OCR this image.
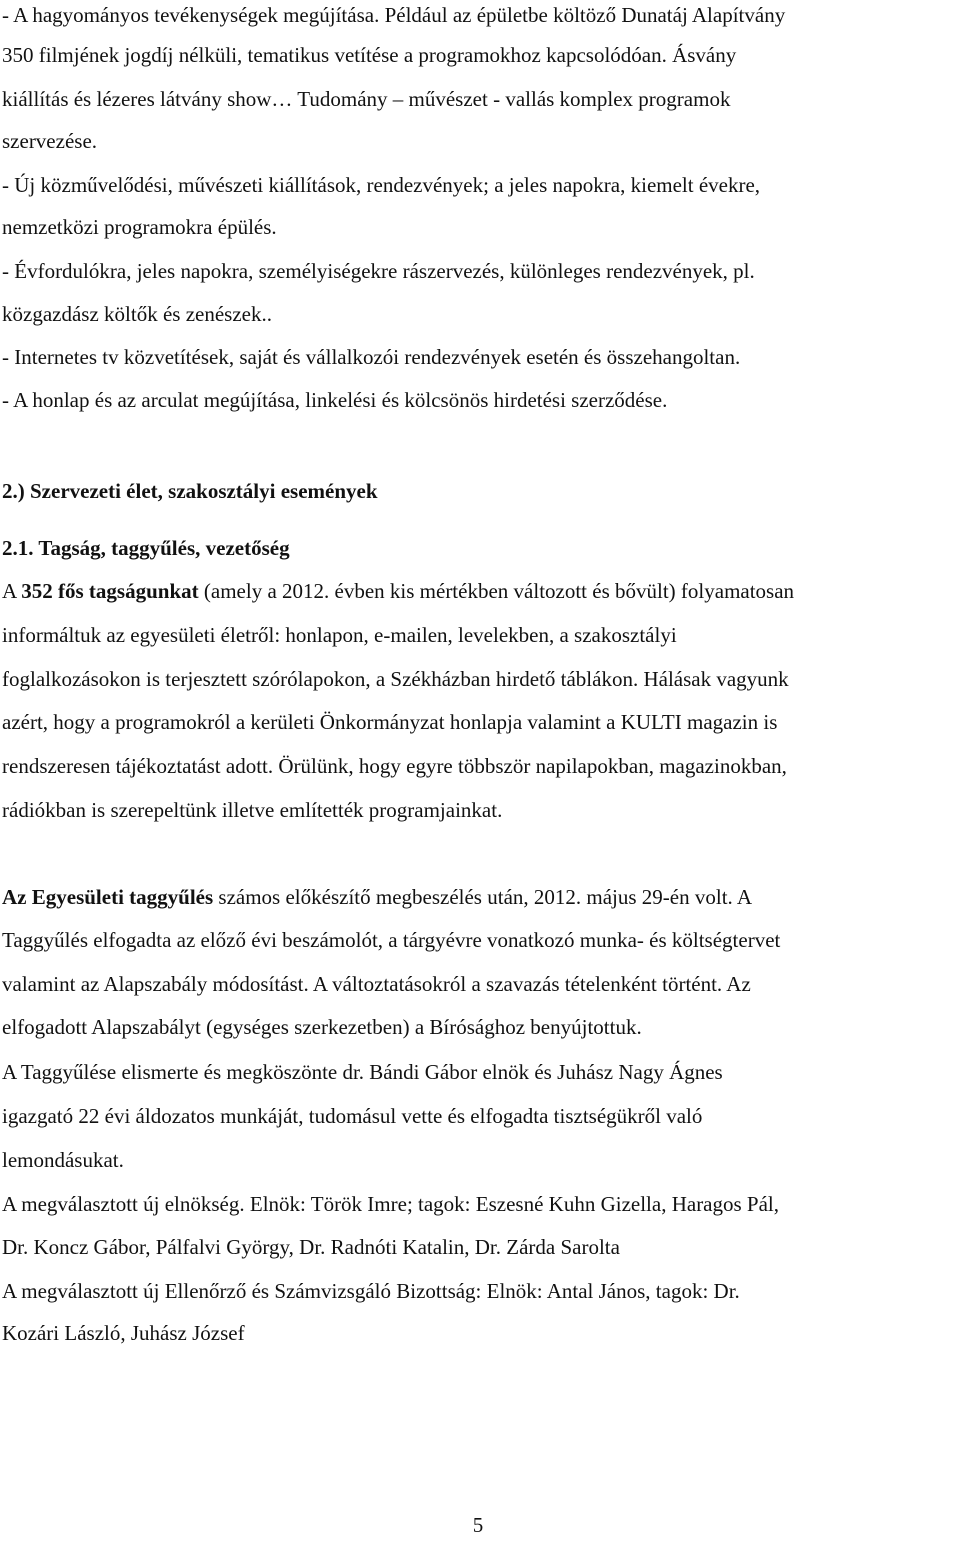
- A hagyományos tevékenységek megújítása. Például az épületbe költöző Dunatáj Alapítvány
350 filmjének jogdíj nélküli, tematikus vetítése a programokhoz kapcsolódóan. Ásvány
kiállítás és lézeres látvány show… Tudomány – művészet - vallás komplex programok
szervezése.
- Új közművelődési, művészeti kiállítások, rendezvények; a jeles napokra, kiemelt évekre,
nemzetközi programokra épülés.
- Évfordulókra, jeles napokra, személyiségekre rászervezés, különleges rendezvények, pl.
közgazdász költők és zenészek..
- Internetes tv közvetítések, saját és vállalkozói rendezvények esetén és összehangoltan.
- A honlap és az arculat megújítása, linkelési és kölcsönös hirdetési szerződése.
2.) Szervezeti élet, szakosztályi események
2.1. Tagság, taggyűlés, vezetőség
A 352 fős tagságunkat (amely a 2012. évben kis mértékben változott és bővült) folyamatosan
informáltuk az egyesületi életről: honlapon, e-mailen, levelekben, a szakosztályi
foglalkozásokon is terjesztett szórólapokon, a Székházban hirdető táblákon. Hálásak vagyunk
azért, hogy a programokról a kerületi Önkormányzat honlapja valamint a KULTI magazin is
rendszeresen tájékoztatást adott. Örülünk, hogy egyre többször napilapokban, magazinokban,
rádiókban is szerepeltünk illetve említették programjainkat.
Az Egyesületi taggyűlés számos előkészítő megbeszélés után, 2012. május 29-én volt. A
Taggyűlés elfogadta az előző évi beszámolót, a tárgyévre vonatkozó munka- és költségtervet
valamint az Alapszabály módosítást. A változtatásokról a szavazás tételenként történt. Az
elfogadott Alapszabályt (egységes szerkezetben) a Bírósághoz benyújtottuk.
A Taggyűlése elismerte és megköszönte dr. Bándi Gábor elnök és Juhász Nagy Ágnes
igazgató 22 évi áldozatos munkáját, tudomásul vette és elfogadta tisztségükről való
lemondásukat.
A megválasztott új elnökség. Elnök: Török Imre; tagok: Eszesné Kuhn Gizella, Haragos Pál,
Dr. Koncz Gábor, Pálfalvi György, Dr. Radnóti Katalin, Dr. Zárda Sarolta
A megválasztott új Ellenőrző és Számvizsgáló Bizottság: Elnök: Antal János, tagok: Dr.
Kozári László, Juhász József
5
